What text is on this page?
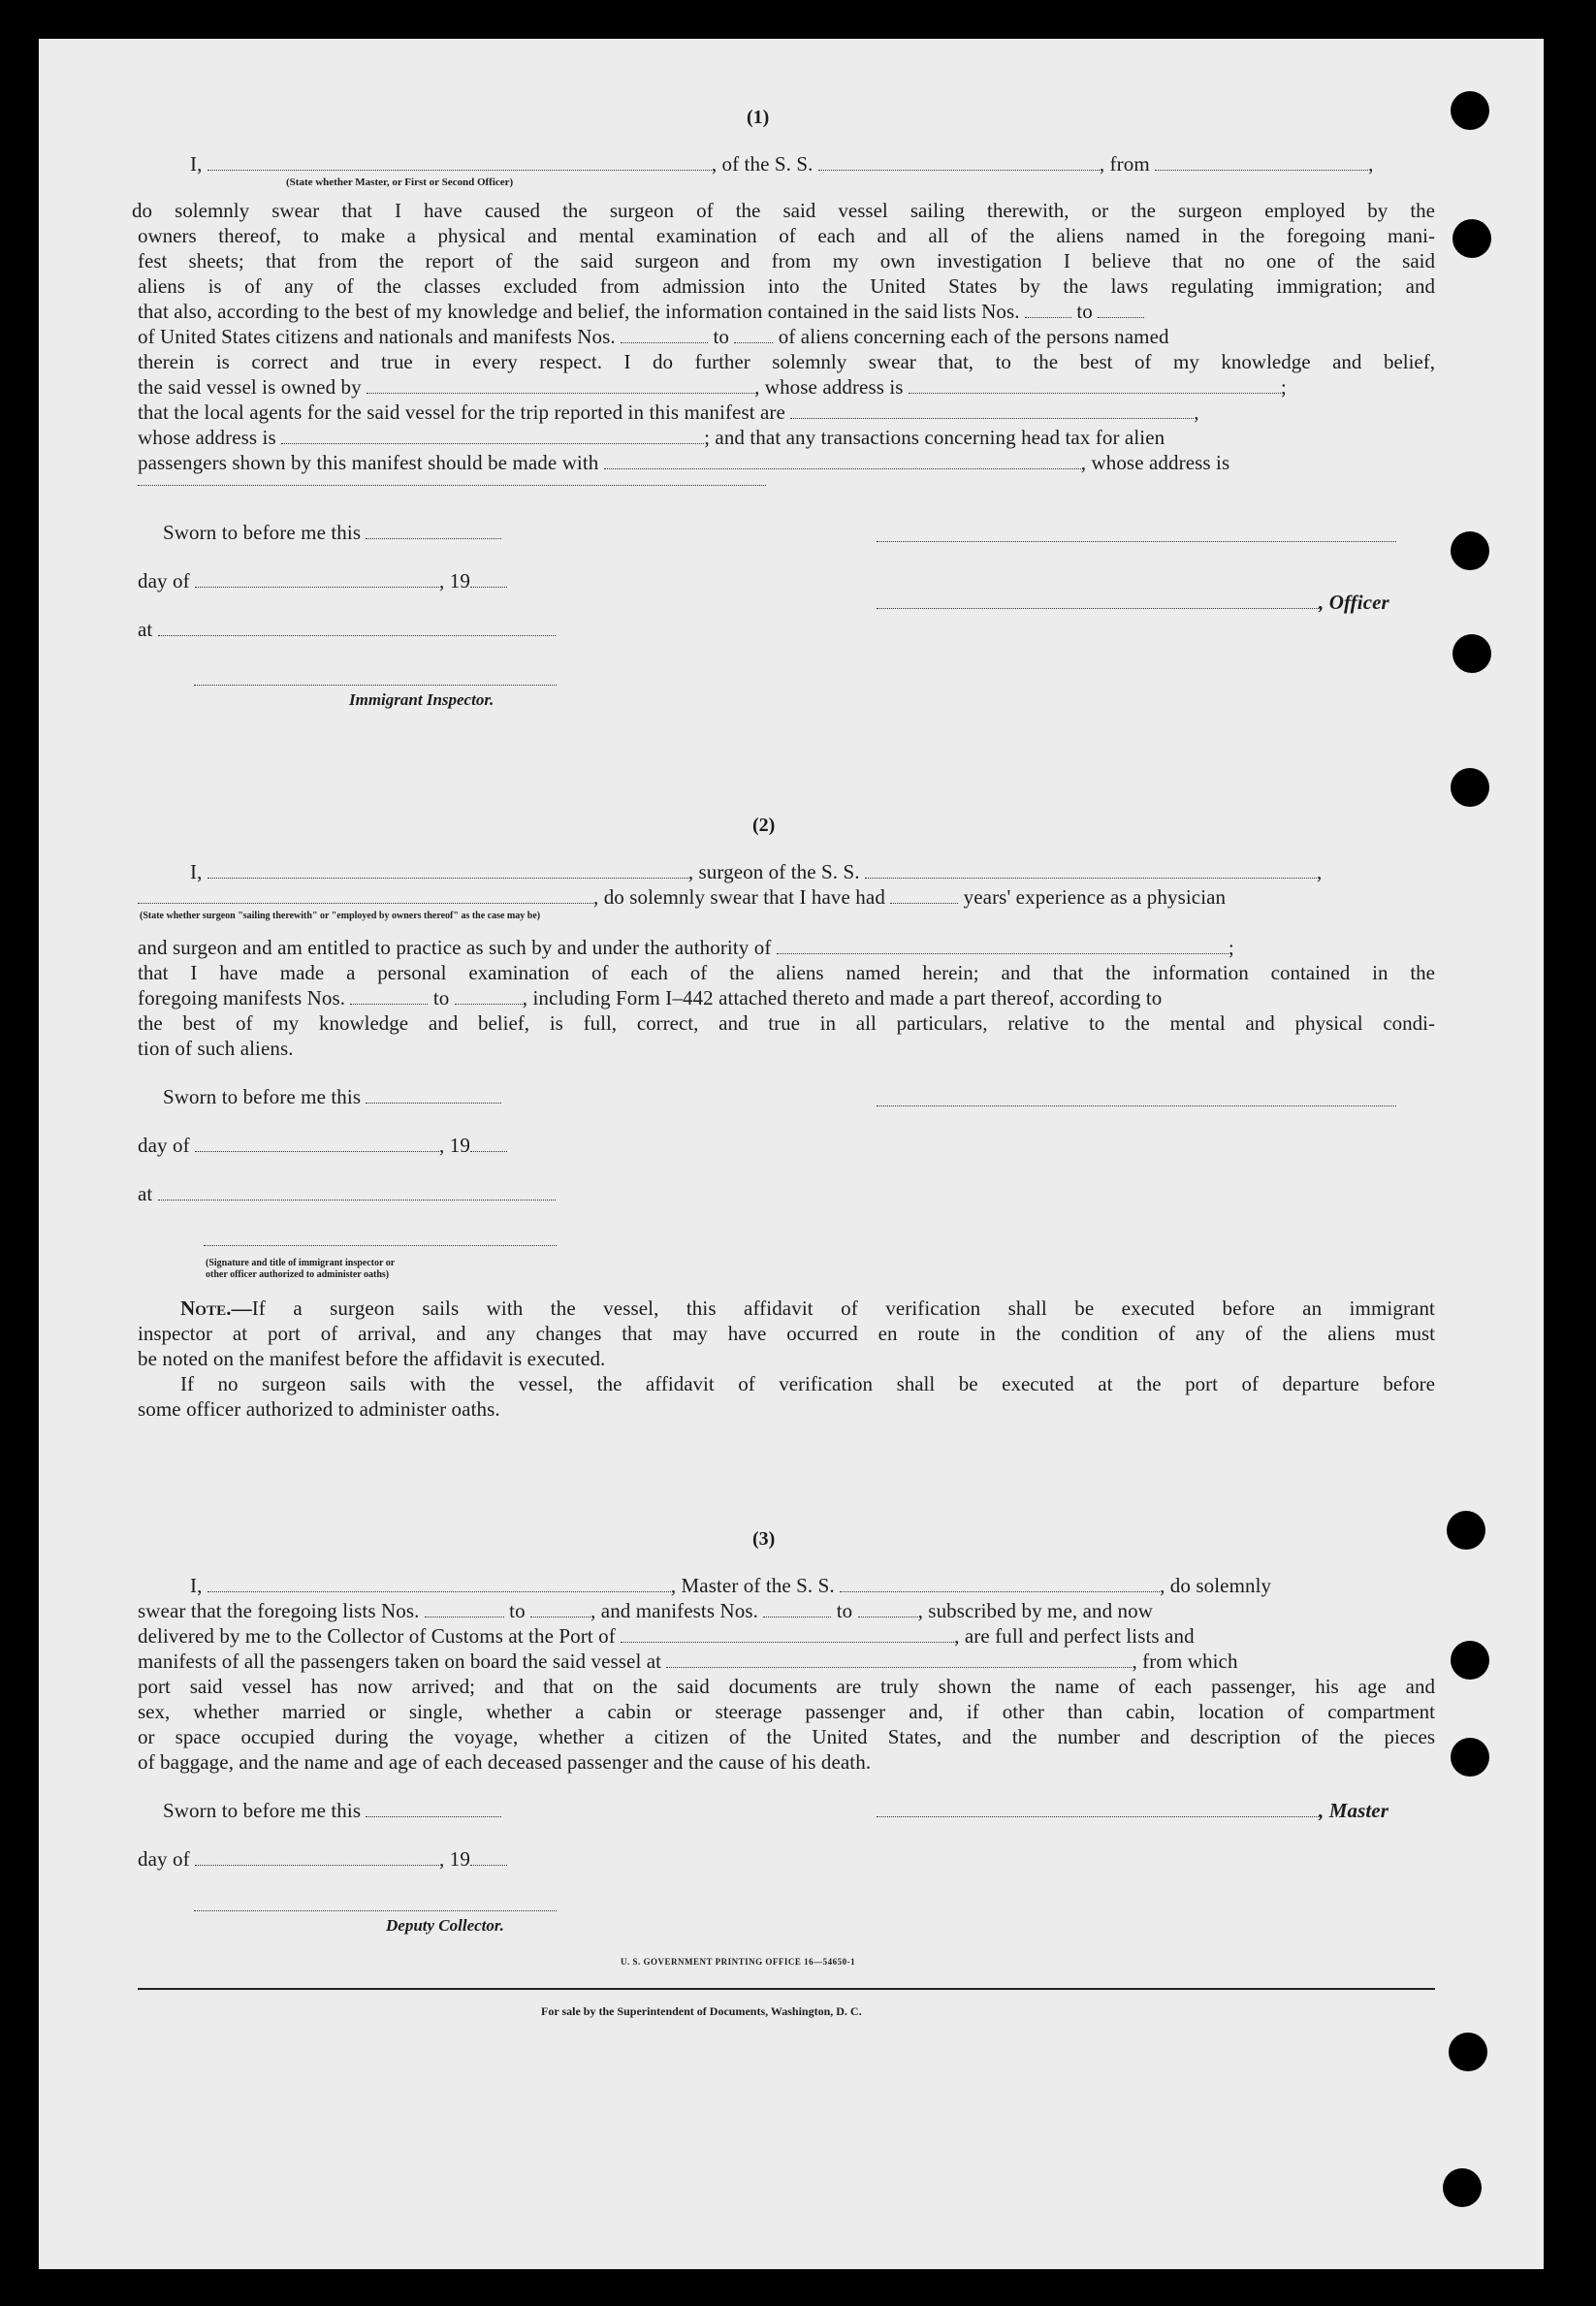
(1)
I,	, of the S. S.	, from	,
(State whether Master, or First or Second Officer)
do solemnly swear that I have caused the surgeon of the said vessel sailing therewith, or the surgeon employed by the
owners thereof, to make a physical and mental examination of each and all of the aliens named in the foregoing mani-
fest sheets; that from the report of the said surgeon and from my own investigation I believe that no one of the said
aliens is of any of the classes excluded from admission into the United States by the laws regulating immigration; and
that also, according to the best of my knowledge and belief, the information contained in the said lists Nos.	to
of United States citizens and nationals and manifests Nos.	to of aliens concerning each of the persons named
therein is correct and true in every respect. I do further solemnly swear that, to the best of my knowledge and belief,
the said vessel is owned by	, whose address is	;
that the local agents for the said vessel for the trip reported in this manifest are	,
whose address is	; and that any transactions concerning head tax for alien
passengers shown by this manifest should be made with	, whose address is
Sworn to before me this
day of	, 19
, Officer
at
Immigrant Inspector.
(2)
I,	, surgeon of the S. S.	,
, do solemnly swear that I have had	years' experience as a physician
(State whether surgeon "sailing therewith" or "employed by owners thereof" as the case may be)
and surgeon and am entitled to practice as such by and under the authority of	;
that I have made a personal examination of each of the aliens named herein; and that the information contained in the
foregoing manifests Nos.	to	, including Form I–442 attached thereto and made a part thereof, according to
the best of my knowledge and belief, is full, correct, and true in all particulars, relative to the mental and physical condi-
tion of such aliens.
Sworn to before me this
day of	, 19
at
(Signature and title of immigrant inspector or
other officer authorized to administer oaths)
Note.—If a surgeon sails with the vessel, this affidavit of verification shall be executed before an immigrant
inspector at port of arrival, and any changes that may have occurred en route in the condition of any of the aliens must
be noted on the manifest before the affidavit is executed.
If no surgeon sails with the vessel, the affidavit of verification shall be executed at the port of departure before
some officer authorized to administer oaths.
(3)
I,	, Master of the S. S.	, do solemnly
swear that the foregoing lists Nos.	to	, and manifests Nos.	to	, subscribed by me, and now
delivered by me to the Collector of Customs at the Port of	, are full and perfect lists and
manifests of all the passengers taken on board the said vessel at	, from which
port said vessel has now arrived; and that on the said documents are truly shown the name of each passenger, his age and
sex, whether married or single, whether a cabin or steerage passenger and, if other than cabin, location of compartment
or space occupied during the voyage, whether a citizen of the United States, and the number and description of the pieces
of baggage, and the name and age of each deceased passenger and the cause of his death.
Sworn to before me this	, Master
day of	, 19
Deputy Collector.
U. S. GOVERNMENT PRINTING OFFICE 16—54650-1
For sale by the Superintendent of Documents, Washington, D. C.
